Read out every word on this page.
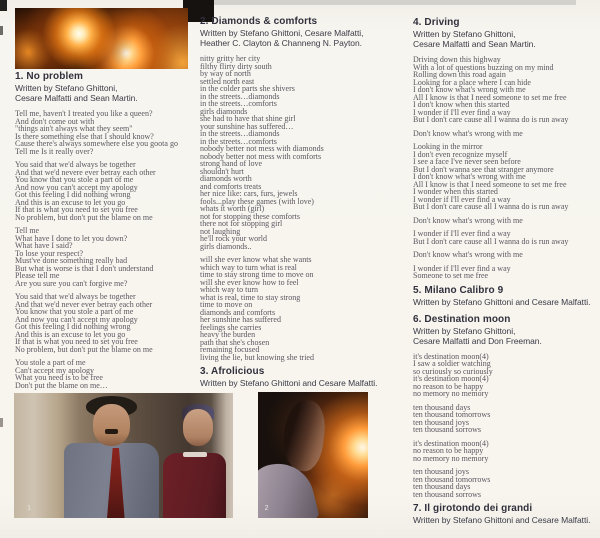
1	2
1. No problem
Written by Stefano Ghittoni,
Cesare Malfatti and Sean Martin.
Tell me, haven't I treated you like a queen?
And don't come out with
"things ain't always what they seem"
Is there something else that I should know?
Cause there's always somewhere else you goota go
Tell me Is it really over?
You said that we'd always be together
And that we'd nevere ever betray each other
You know that you stole a part of me
And now you can't accept my apology
Got this feeling I did nothing wrong
And this is an excuse to let you go
If that is what you need to set you free
No problem, but don't put the blame on me
Tell me
What have I done to let you down?
What have I said?
To lose your respect?
Must've done something really bad
But what is worse is that I don't understand
Please tell me
Are you sure you can't forgive me?
You said that we'd always be together
And that we'd never ever betray each other
You know that you stole a part of me
And now you can't accept my apology
Got this feeling I did nothing wrong
And this is an excuse to let you go
If that is what you need to set you free
No problem, but don't put the blame on me
You stole a part of me
Can't accept my apology
What you need is to be free
Don't put the blame on me…
2. Diamonds & comforts
Written by Stefano Ghittoni, Cesare Malfatti,
Heather C. Clayton & Channeng N. Payton.
nitty gritty her city
filthy flirty dirty south
by way of north
settled north east
in the colder parts she shivers
in the streets…diamonds
in the streets…comforts
girls diamonds
she had to have that shine girl
your sunshine has suffered…
in the streets…diamonds
in the streets…comforts
nobody better not mess with diamonds
nobody better not mess with comforts
strong hand of love
shouldn't hurt
diamonds worth
and comforts treats
her nice like: cars, furs, jewels
fools...play these games (with love)
whats it worth (girl)
not for stopping these comforts
there not for stopping girl
not laughing
he'll rock your world
girls diamonds..
will she ever know what she wants
which way to turn what is real
time to stay strong time to move on
will she ever know how to feel
which way to turn
what is real, time to stay strong
time to move on
diamonds and comforts
her sunshine has suffered
feelings she carries
heavy the burden
path that she's chosen
remaining focused
living the lie, but knowing she tried
3. Afrolicious
Written by Stefano Ghittoni and Cesare Malfatti.
4. Driving
Written by Stefano Ghittoni,
Cesare Malfatti and Sean Martin.
Driving down this highway
With a lot of questions buzzing on my mind
Rolling down this road again
Looking for a place where I can hide
I don't know what's wrong with me
All I know is that I need someone to set me free
I don't know when this started
I wonder if I'll ever find a way
But I don't care cause all I wanna do is run away
Don't know what's wrong with me
Looking in the mirror
I don't even recognize myself
I see a face I've never seen before
But I don't wanna see that stranger anymore
I don't know what's wrong with me
All I know is that I need someone to set me free
I wonder when this started
I wonder if I'll ever find a way
But I don't care cause all I wanna do is run away
Don't know what's wrong with me
I wonder if I'll ever find a way
But I don't care cause all I wanna do is run away
Don't know what's wrong with me
I wonder if I'll ever find a way
Someone to set me free
5. Milano Calibro 9
Written by Stefano Ghittoni and Cesare Malfatti.
6. Destination moon
Written by Stefano Ghittoni,
Cesare Malfatti and Don Freeman.
it's destination moon(4)
I saw a soldier watching
so curiously so curiously
it's destination moon(4)
no reason to be happy
no memory no memory
ten thousand days
ten thousand tomorrows
ten thousand joys
ten thousand sorrows
it's destination moon(4)
no reason to be happy
no memory no memory
ten thousand joys
ten thousand tomorrows
ten thousand days
ten thousand sorrows
7. Il girotondo dei grandi
Written by Stefano Ghittoni and Cesare Malfatti.
